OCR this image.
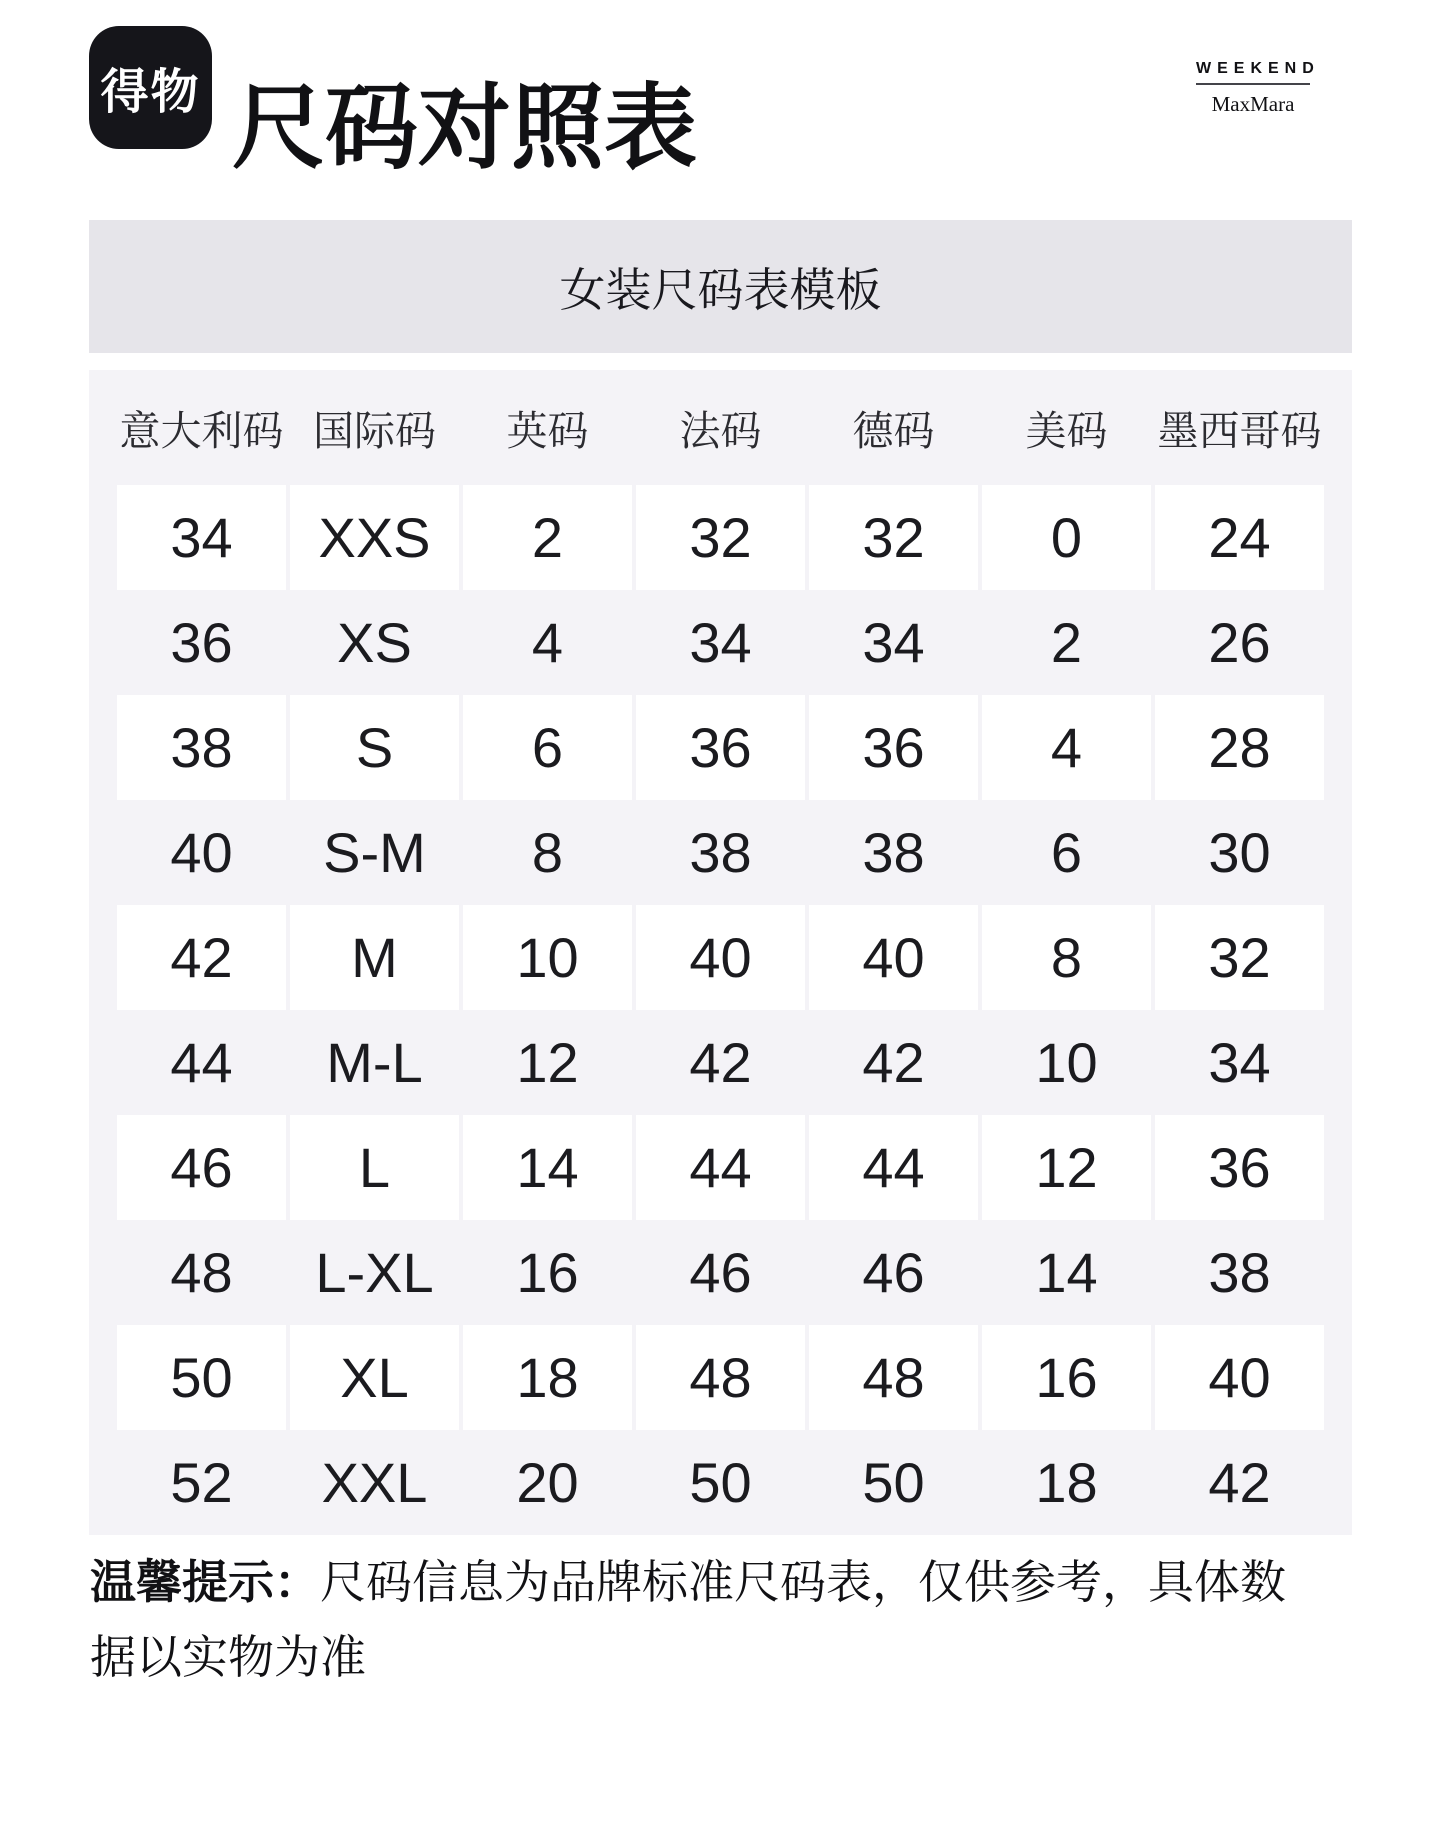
得物 尺码对照表
WEEKEND
MaxMara
女装尺码表模板
意大利码 国际码	英码	法码	德码	美码	墨西哥码
34	XXS	2	32	32	0	24
36	XS	4	34	34	2	26
38	S	6	36	36	4	28
40	S-M	8	38	38	6	30
42	M	10	40	40	8	32
44	M-L	12	42	42	10	34
46	L	14	44	44	12	36
48	L-XL	16	46	46	14	38
50	XL	18	48	48	16	40
52	XXL	20	50	50	18	42
温馨提示：尺码信息为品牌标准尺码表，仅供参考，具体数
据以实物为准
